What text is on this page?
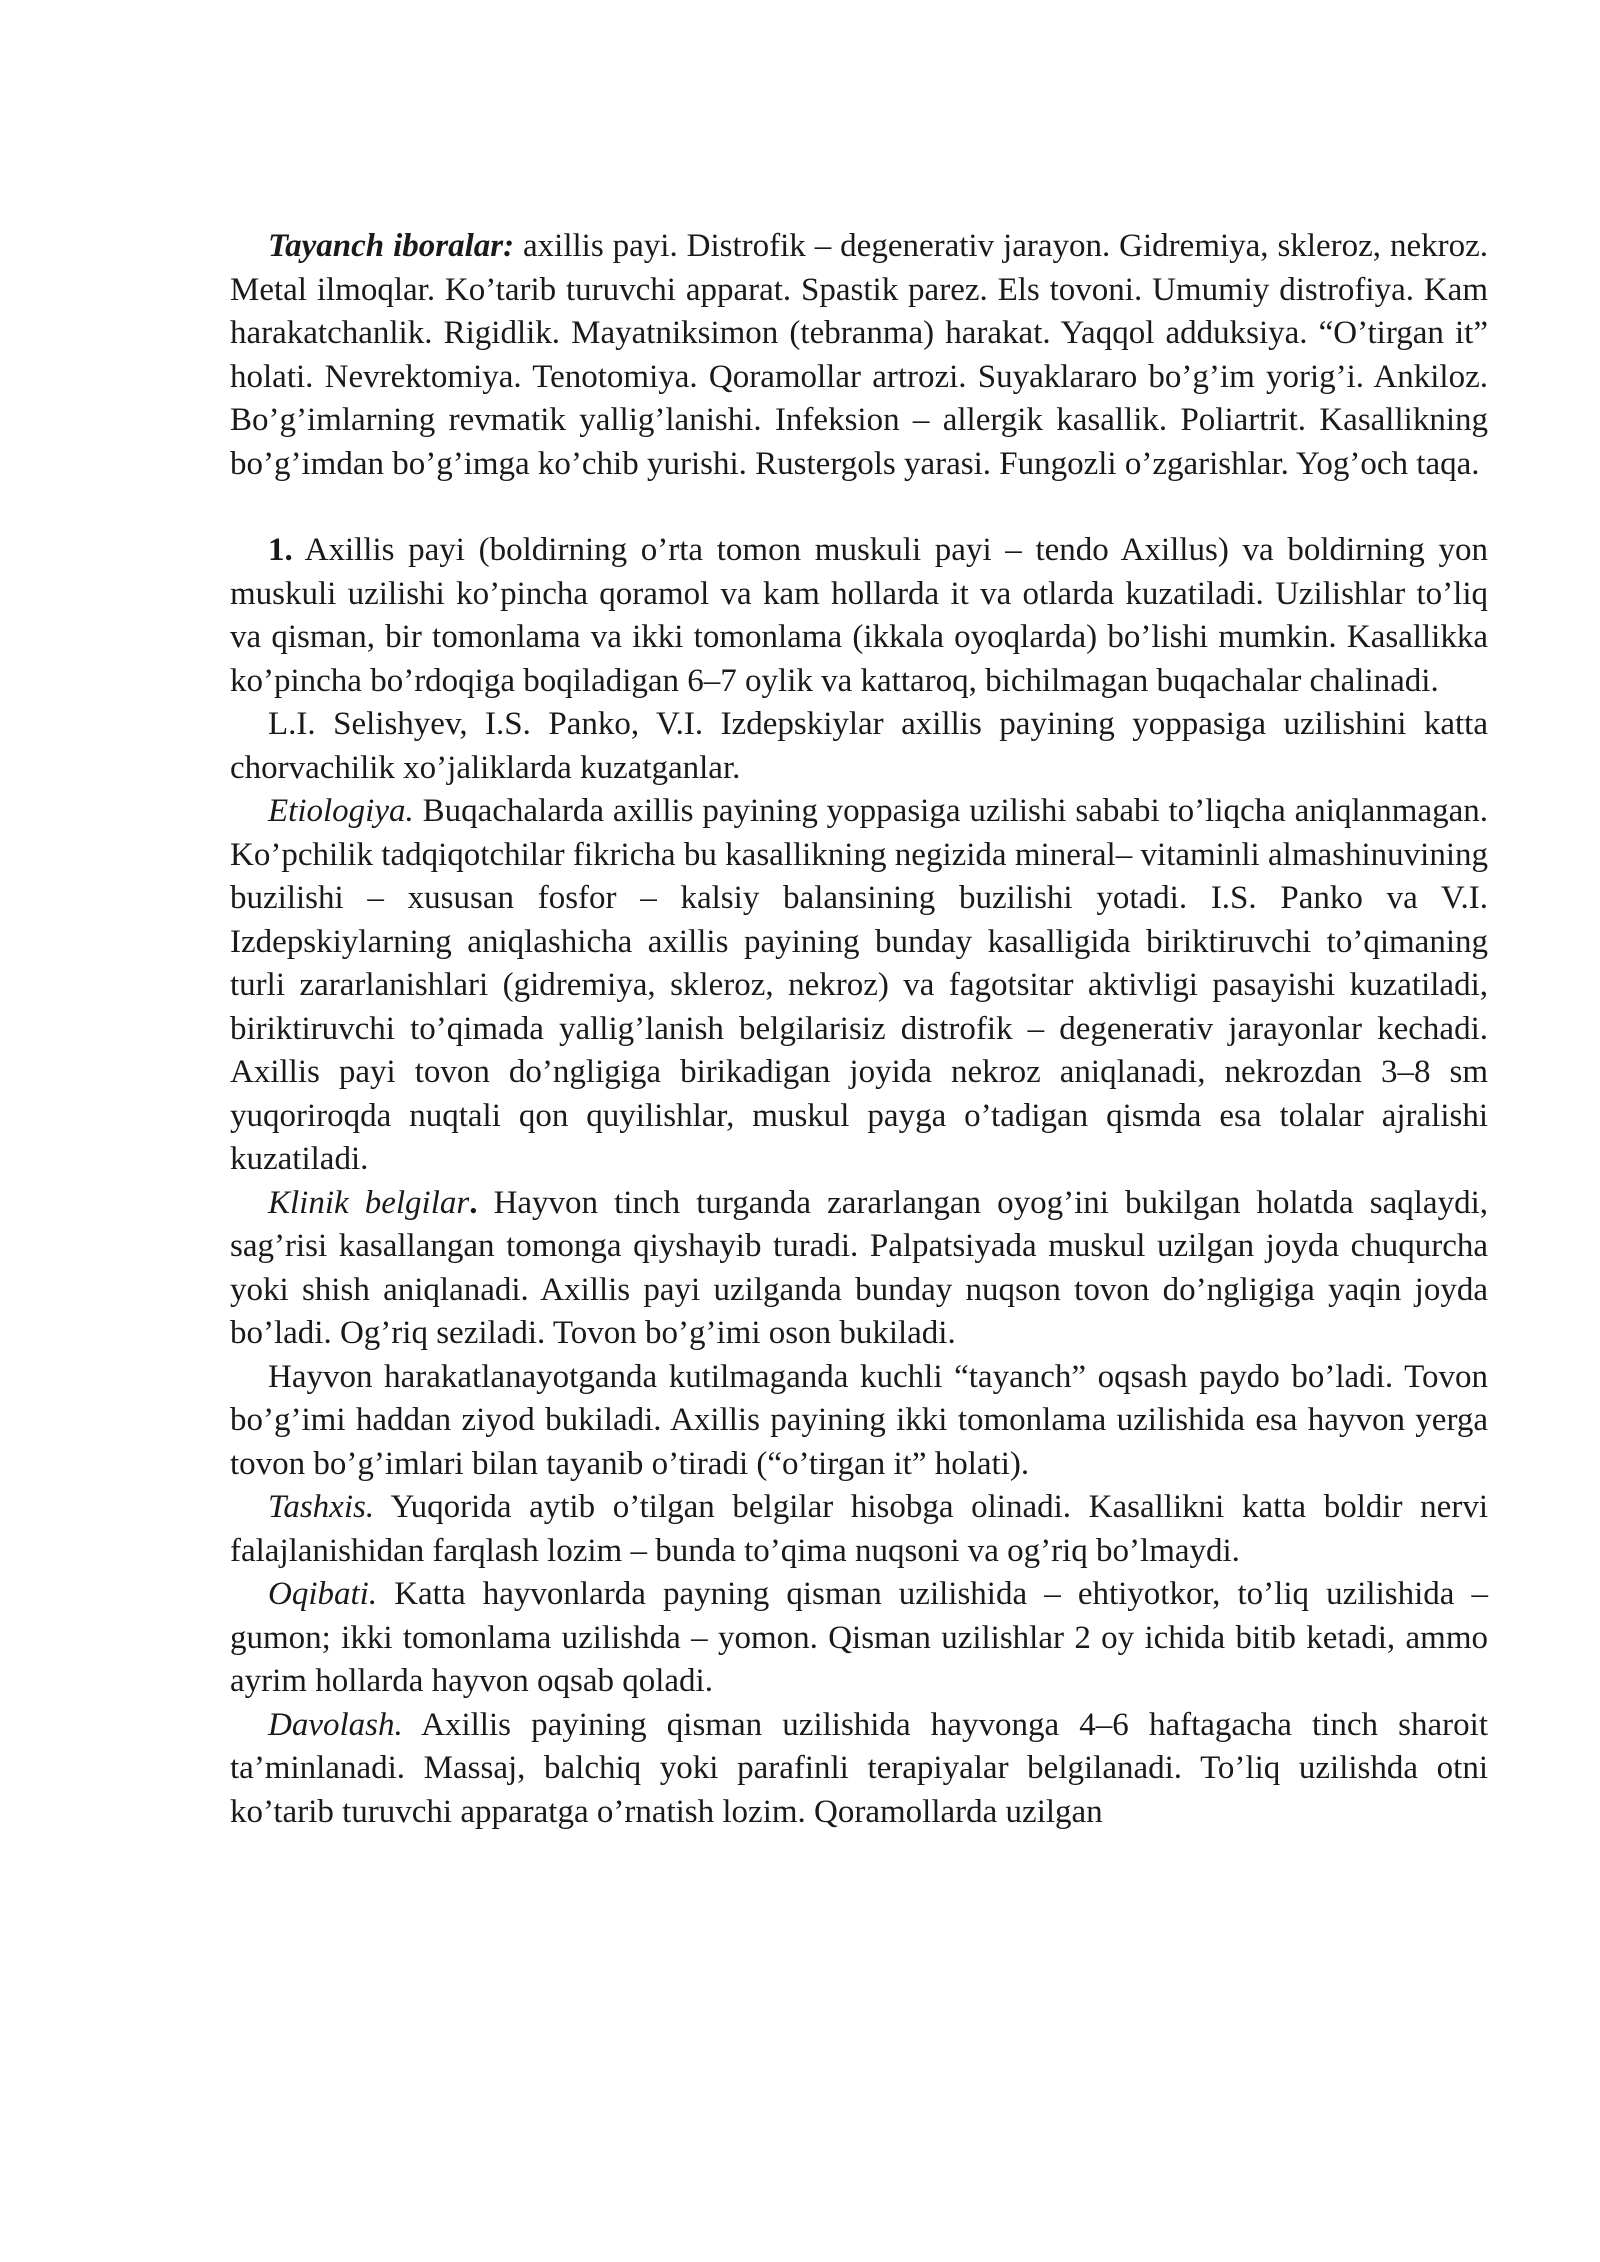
Tayanch iboralar: axillis payi. Distrofik – degenerativ jarayon. Gidremiya, skleroz, nekroz. Metal ilmoqlar. Ko’tarib turuvchi apparat. Spastik parez. Els tovoni. Umumiy distrofiya. Kam harakatchanlik. Rigidlik. Mayatniksimon (tebranma) harakat. Yaqqol adduksiya. “O’tirgan it” holati. Nevrektomiya. Tenotomiya. Qoramollar artrozi. Suyaklararo bo’g’im yorig’i. Ankiloz. Bo’g’imlarning revmatik yallig’lanishi. Infeksion – allergik kasallik. Poliartrit. Kasallikning bo’g’imdan bo’g’imga ko’chib yurishi. Rustergols yarasi. Fungozli o’zgarishlar. Yog’och taqa.

1. Axillis payi (boldirning o’rta tomon muskuli payi – tendo Axillus) va boldirning yon muskuli uzilishi ko’pincha qoramol va kam hollarda it va otlarda kuzatiladi. Uzilishlar to’liq va qisman, bir tomonlama va ikki tomonlama (ikkala oyoqlarda) bo’lishi mumkin. Kasallikka ko’pincha bo’rdoqiga boqiladigan 6–7 oylik va kattaroq, bichilmagan buqachalar chalinadi.

L.I. Selishyev, I.S. Panko, V.I. Izdepskiylar axillis payining yoppasiga uzilishini katta chorvachilik xo’jaliklarda kuzatganlar.

Etiologiya. Buqachalarda axillis payining yoppasiga uzilishi sababi to’liqcha aniqlanmagan. Ko’pchilik tadqiqotchilar fikricha bu kasallikning negizida mineral– vitaminli almashinuvining buzilishi – xususan fosfor – kalsiy balansining buzilishi yotadi. I.S. Panko va V.I. Izdepskiylarning aniqlashicha axillis payining bunday kasalligida biriktiruvchi to’qimaning turli zararlanishlari (gidremiya, skleroz, nekroz) va fagotsitar aktivligi pasayishi kuzatiladi, biriktiruvchi to’qimada yallig’lanish belgilarisiz distrofik – degenerativ jarayonlar kechadi. Axillis payi tovon do’ngligiga birikadigan joyida nekroz aniqlanadi, nekrozdan 3–8 sm yuqoriroqda nuqtali qon quyilishlar, muskul payga o’tadigan qismda esa tolalar ajralishi kuzatiladi.

Klinik belgilar. Hayvon tinch turganda zararlangan oyog’ini bukilgan holatda saqlaydi, sag’risi kasallangan tomonga qiyshayib turadi. Palpatsiyada muskul uzilgan joyda chuqurcha yoki shish aniqlanadi. Axillis payi uzilganda bunday nuqson tovon do’ngligiga yaqin joyda bo’ladi. Og’riq seziladi. Tovon bo’g’imi oson bukiladi.

Hayvon harakatlanayotganda kutilmaganda kuchli “tayanch” oqsash paydo bo’ladi. Tovon bo’g’imi haddan ziyod bukiladi. Axillis payining ikki tomonlama uzilishida esa hayvon yerga tovon bo’g’imlari bilan tayanib o’tiradi (“o’tirgan it” holati).

Tashxis. Yuqorida aytib o’tilgan belgilar hisobga olinadi. Kasallikni katta boldir nervi falajlanishidan farqlash lozim – bunda to’qima nuqsoni va og’riq bo’lmaydi.

Oqibati. Katta hayvonlarda payning qisman uzilishida – ehtiyotkor, to’liq uzilishida – gumon; ikki tomonlama uzilishda – yomon. Qisman uzilishlar 2 oy ichida bitib ketadi, ammo ayrim hollarda hayvon oqsab qoladi.

Davolash. Axillis payining qisman uzilishida hayvonga 4–6 haftagacha tinch sharoit ta’minlanadi. Massaj, balchiq yoki parafinli terapiyalar belgilanadi. To’liq uzilishda otni ko’tarib turuvchi apparatga o’rnatish lozim. Qoramollarda uzilgan
